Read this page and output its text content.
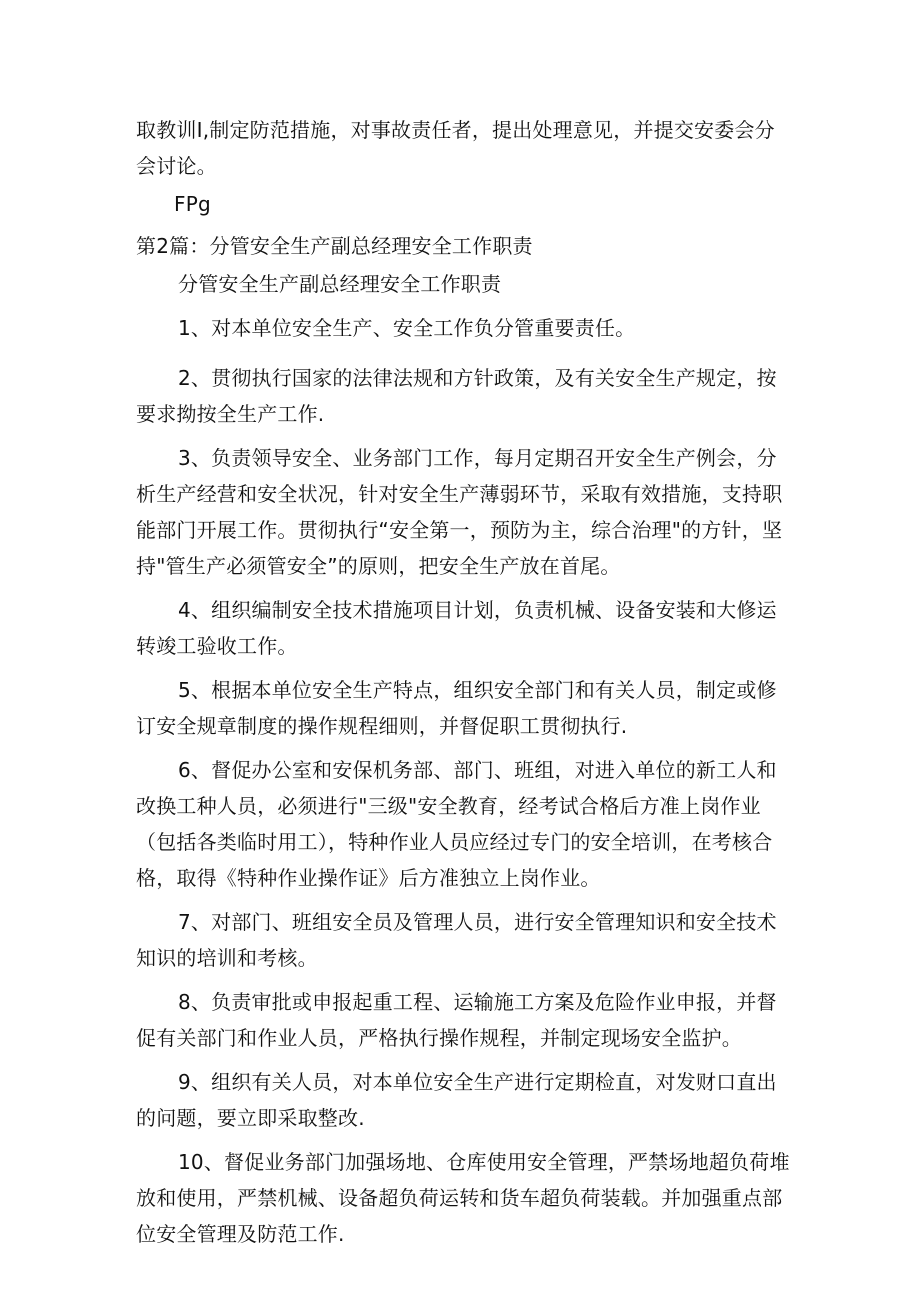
取教训I,制定防范措施，对事故责任者，提出处理意见，并提交安委会分会讨论。

FPg

第2篇：分管安全生产副总经理安全工作职责

分管安全生产副总经理安全工作职责

1、对本单位安全生产、安全工作负分管重要责任。

2、贯彻执行国家的法律法规和方针政策，及有关安全生产规定，按要求拗按全生产工作.

3、负责领导安全、业务部门工作，每月定期召开安全生产例会，分析生产经营和安全状况，针对安全生产薄弱环节，采取有效措施，支持职能部门开展工作。贯彻执行“安全第一，预防为主，综合治理"的方针，坚持"管生产必须管安全”的原则，把安全生产放在首尾。

4、组织编制安全技术措施项目计划，负责机械、设备安装和大修运转竣工验收工作。

5、根据本单位安全生产特点，组织安全部门和有关人员，制定或修订安全规章制度的操作规程细则，并督促职工贯彻执行.

6、督促办公室和安保机务部、部门、班组，对进入单位的新工人和改换工种人员，必须进行"三级"安全教育，经考试合格后方准上岗作业（包括各类临时用工），特种作业人员应经过专门的安全培训，在考核合格，取得《特种作业操作证》后方准独立上岗作业。

7、对部门、班组安全员及管理人员，进行安全管理知识和安全技术知识的培训和考核。

8、负责审批或申报起重工程、运输施工方案及危险作业申报，并督促有关部门和作业人员，严格执行操作规程，并制定现场安全监护。

9、组织有关人员，对本单位安全生产进行定期检直，对发财口直出的问题，要立即采取整改.

10、督促业务部门加强场地、仓库使用安全管理，严禁场地超负荷堆放和使用，严禁机械、设备超负荷运转和货车超负荷装载。并加强重点部位安全管理及防范工作.
